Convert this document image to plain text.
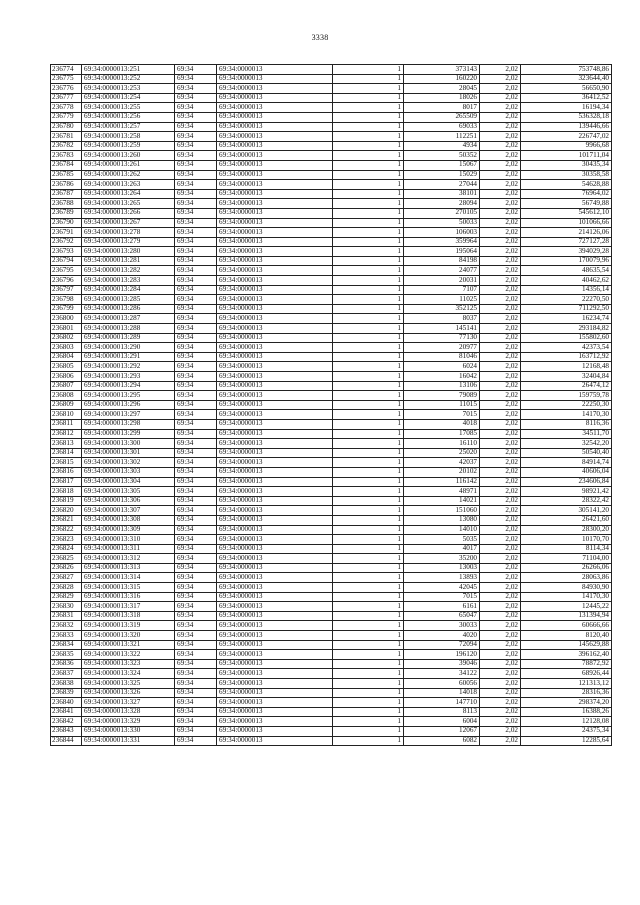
3338
236774	69:34:0000013:251	69:34	69:34:0000013	1	373143	2,02	753748,86
236775	69:34:0000013:252	69:34	69:34:0000013	1	160220	2,02	323644,40
236776	69:34:0000013:253	69:34	69:34:0000013	1	28045	2,02	56650,90
236777	69:34:0000013:254	69:34	69:34:0000013	1	18026	2,02	36412,52
236778	69:34:0000013:255	69:34	69:34:0000013	1	8017	2,02	16194,34
236779	69:34:0000013:256	69:34	69:34:0000013	1	265509	2,02	536328,18
236780	69:34:0000013:257	69:34	69:34:0000013	1	69033	2,02	139446,66
236781	69:34:0000013:258	69:34	69:34:0000013	1	112251	2,02	226747,02
236782	69:34:0000013:259	69:34	69:34:0000013	1	4934	2,02	9966,68
236783	69:34:0000013:260	69:34	69:34:0000013	1	50352	2,02	101711,04
236784	69:34:0000013:261	69:34	69:34:0000013	1	15067	2,02	30435,34
236785	69:34:0000013:262	69:34	69:34:0000013	1	15029	2,02	30358,58
236786	69:34:0000013:263	69:34	69:34:0000013	1	27044	2,02	54628,88
236787	69:34:0000013:264	69:34	69:34:0000013	1	38101	2,02	76964,02
236788	69:34:0000013:265	69:34	69:34:0000013	1	28094	2,02	56749,88
236789	69:34:0000013:266	69:34	69:34:0000013	1	270105	2,02	545612,10
236790	69:34:0000013:267	69:34	69:34:0000013	1	50033	2,02	101066,66
236791	69:34:0000013:278	69:34	69:34:0000013	1	106003	2,02	214126,06
236792	69:34:0000013:279	69:34	69:34:0000013	1	359964	2,02	727127,28
236793	69:34:0000013:280	69:34	69:34:0000013	1	195064	2,02	394029,28
236794	69:34:0000013:281	69:34	69:34:0000013	1	84198	2,02	170079,96
236795	69:34:0000013:282	69:34	69:34:0000013	1	24077	2,02	48635,54
236796	69:34:0000013:283	69:34	69:34:0000013	1	20031	2,02	40462,62
236797	69:34:0000013:284	69:34	69:34:0000013	1	7107	2,02	14356,14
236798	69:34:0000013:285	69:34	69:34:0000013	1	11025	2,02	22270,50
236799	69:34:0000013:286	69:34	69:34:0000013	1	352125	2,02	711292,50
236800	69:34:0000013:287	69:34	69:34:0000013	1	8037	2,02	16234,74
236801	69:34:0000013:288	69:34	69:34:0000013	1	145141	2,02	293184,82
236802	69:34:0000013:289	69:34	69:34:0000013	1	77130	2,02	155802,60
236803	69:34:0000013:290	69:34	69:34:0000013	1	20977	2,02	42373,54
236804	69:34:0000013:291	69:34	69:34:0000013	1	81046	2,02	163712,92
236805	69:34:0000013:292	69:34	69:34:0000013	1	6024	2,02	12168,48
236806	69:34:0000013:293	69:34	69:34:0000013	1	16042	2,02	32404,84
236807	69:34:0000013:294	69:34	69:34:0000013	1	13106	2,02	26474,12
236808	69:34:0000013:295	69:34	69:34:0000013	1	79089	2,02	159759,78
236809	69:34:0000013:296	69:34	69:34:0000013	1	11015	2,02	22250,30
236810	69:34:0000013:297	69:34	69:34:0000013	1	7015	2,02	14170,30
236811	69:34:0000013:298	69:34	69:34:0000013	1	4018	2,02	8116,36
236812	69:34:0000013:299	69:34	69:34:0000013	1	17085	2,02	34511,70
236813	69:34:0000013:300	69:34	69:34:0000013	1	16110	2,02	32542,20
236814	69:34:0000013:301	69:34	69:34:0000013	1	25020	2,02	50540,40
236815	69:34:0000013:302	69:34	69:34:0000013	1	42037	2,02	84914,74
236816	69:34:0000013:303	69:34	69:34:0000013	1	20102	2,02	40606,04
236817	69:34:0000013:304	69:34	69:34:0000013	1	116142	2,02	234606,84
236818	69:34:0000013:305	69:34	69:34:0000013	1	48971	2,02	98921,42
236819	69:34:0000013:306	69:34	69:34:0000013	1	14021	2,02	28322,42
236820	69:34:0000013:307	69:34	69:34:0000013	1	151060	2,02	305141,20
236821	69:34:0000013:308	69:34	69:34:0000013	1	13080	2,02	26421,60
236822	69:34:0000013:309	69:34	69:34:0000013	1	14010	2,02	28300,20
236823	69:34:0000013:310	69:34	69:34:0000013	1	5035	2,02	10170,70
236824	69:34:0000013:311	69:34	69:34:0000013	1	4017	2,02	8114,34
236825	69:34:0000013:312	69:34	69:34:0000013	1	35200	2,02	71104,00
236826	69:34:0000013:313	69:34	69:34:0000013	1	13003	2,02	26266,06
236827	69:34:0000013:314	69:34	69:34:0000013	1	13893	2,02	28063,86
236828	69:34:0000013:315	69:34	69:34:0000013	1	42045	2,02	84930,90
236829	69:34:0000013:316	69:34	69:34:0000013	1	7015	2,02	14170,30
236830	69:34:0000013:317	69:34	69:34:0000013	1	6161	2,02	12445,22
236831	69:34:0000013:318	69:34	69:34:0000013	1	65047	2,02	131394,94
236832	69:34:0000013:319	69:34	69:34:0000013	1	30033	2,02	60666,66
236833	69:34:0000013:320	69:34	69:34:0000013	1	4020	2,02	8120,40
236834	69:34:0000013:321	69:34	69:34:0000013	1	72094	2,02	145629,88
236835	69:34:0000013:322	69:34	69:34:0000013	1	196120	2,02	396162,40
236836	69:34:0000013:323	69:34	69:34:0000013	1	39046	2,02	78872,92
236837	69:34:0000013:324	69:34	69:34:0000013	1	34122	2,02	68926,44
236838	69:34:0000013:325	69:34	69:34:0000013	1	60056	2,02	121313,12
236839	69:34:0000013:326	69:34	69:34:0000013	1	14018	2,02	28316,36
236840	69:34:0000013:327	69:34	69:34:0000013	1	147710	2,02	298374,20
236841	69:34:0000013:328	69:34	69:34:0000013	1	8113	2,02	16388,26
236842	69:34:0000013:329	69:34	69:34:0000013	1	6004	2,02	12128,08
236843	69:34:0000013:330	69:34	69:34:0000013	1	12067	2,02	24375,34
236844	69:34:0000013:331	69:34	69:34:0000013	1	6082	2,02	12285,64
